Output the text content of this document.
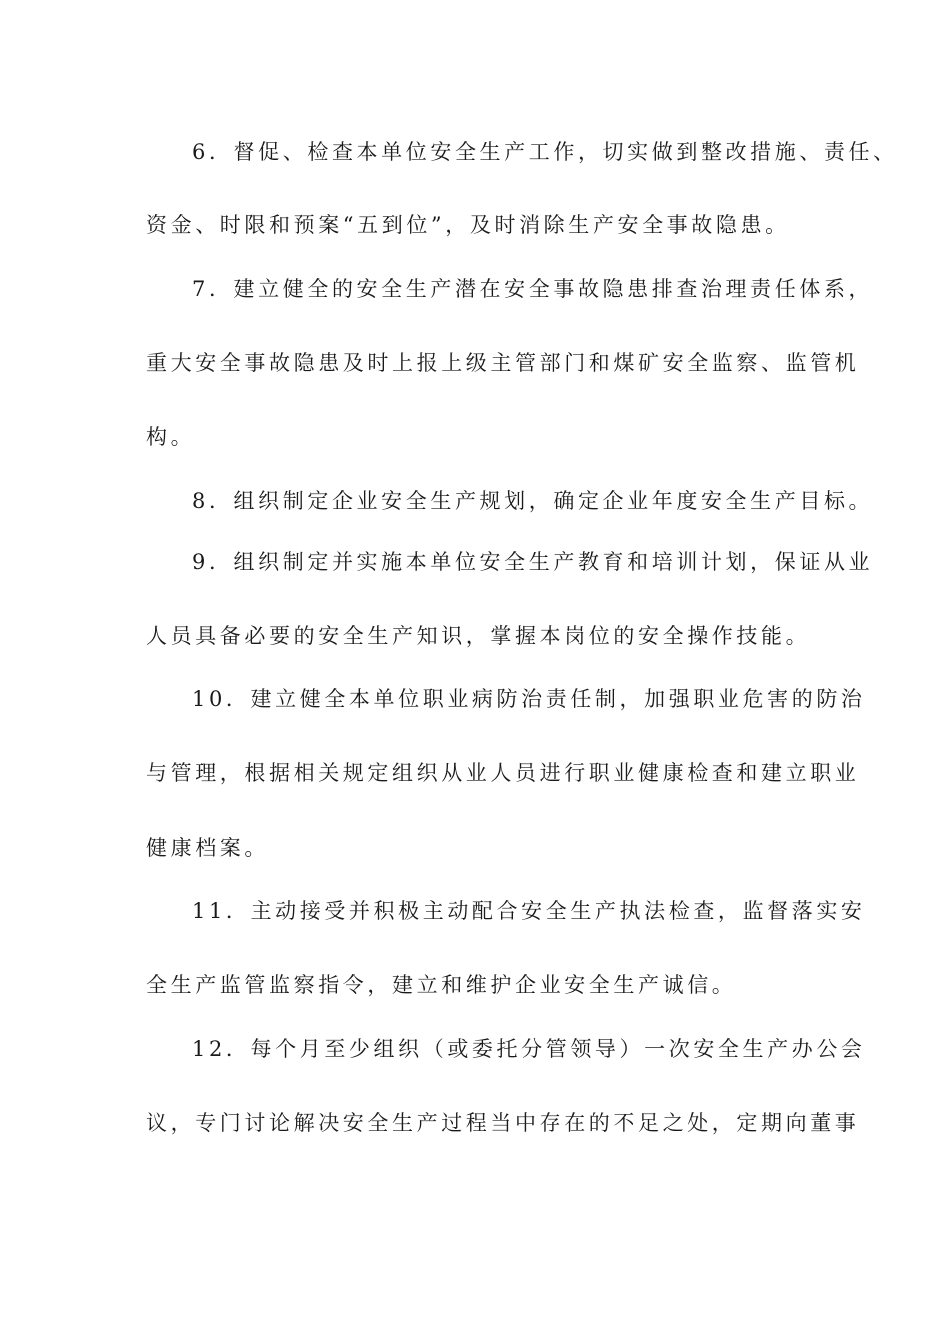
6．督促、检查本单位安全生产工作，切实做到整改措施、责任、
资金、时限和预案“五到位”，及时消除生产安全事故隐患。
7．建立健全的安全生产潜在安全事故隐患排查治理责任体系，
重大安全事故隐患及时上报上级主管部门和煤矿安全监察、监管机
构。
8．组织制定企业安全生产规划，确定企业年度安全生产目标。
9．组织制定并实施本单位安全生产教育和培训计划，保证从业
人员具备必要的安全生产知识，掌握本岗位的安全操作技能。
10．建立健全本单位职业病防治责任制，加强职业危害的防治
与管理，根据相关规定组织从业人员进行职业健康检查和建立职业
健康档案。
11．主动接受并积极主动配合安全生产执法检查，监督落实安
全生产监管监察指令，建立和维护企业安全生产诚信。
12．每个月至少组织（或委托分管领导）一次安全生产办公会
议，专门讨论解决安全生产过程当中存在的不足之处，定期向董事
